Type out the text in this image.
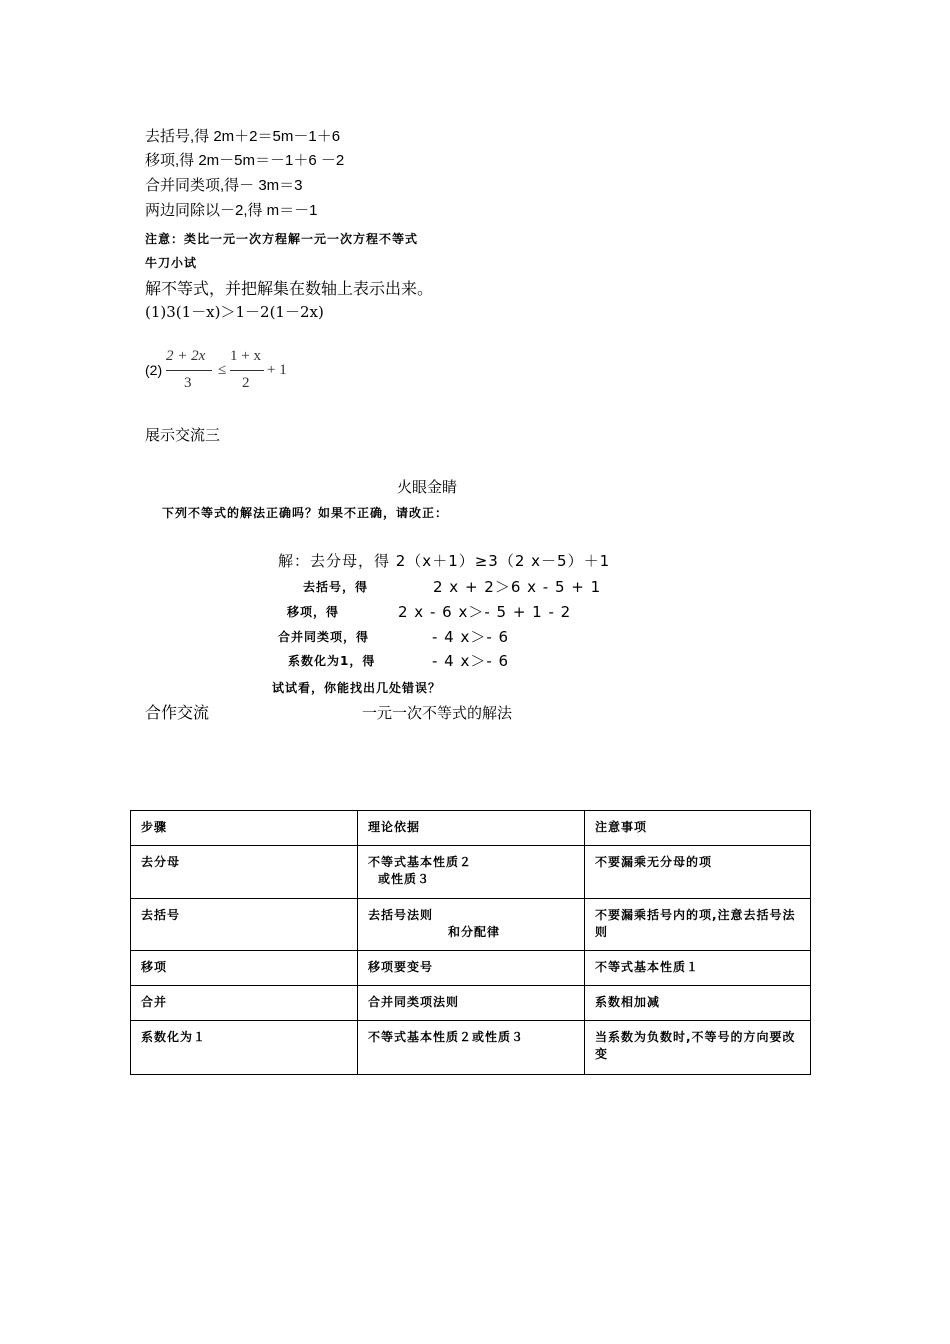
去括号,得 2m＋2＝5m－1＋6
移项,得 2m－5m＝－1＋6 －2
合并同类项,得－ 3m＝3
两边同除以－2,得 m＝－1
注意：类比一元一次方程解一元一次方程不等式
牛刀小试
解不等式，并把解集在数轴上表示出来。
(1)3(1－x)＞1－2(1－2x)
(2)
2 + 2x
3
≤
1 + x
2
+ 1
展示交流三
火眼金睛
下列不等式的解法正确吗？如果不正确，请改正：
解：去分母，得 2（x＋1）≥3（2 x－5）＋1
去括号，得	2 x + 2＞6 x - 5 + 1
移项，得	2 x - 6 x＞- 5 + 1 - 2
合并同类项，得	- 4 x＞- 6
系数化为1，得	- 4 x＞- 6
试试看，你能找出几处错误？
合作交流	一元一次不等式的解法
步骤	理论依据	注意事项
去分母	不等式基本性质２
或性质３	不要漏乘无分母的项
去括号	去括号法则
和分配律	不要漏乘括号内的项,注意去括号法则
移项	移项要变号	不等式基本性质１
合并	合并同类项法则	系数相加减
系数化为１	不等式基本性质２或性质３	当系数为负数时,不等号的方向要改变
